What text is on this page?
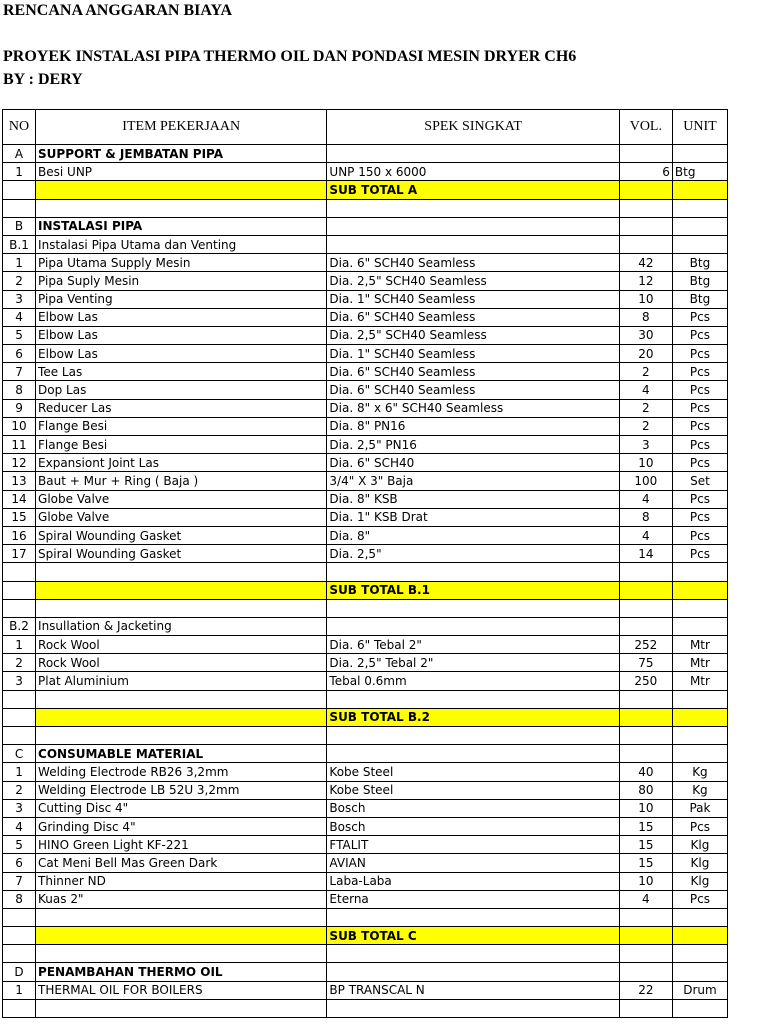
RENCANA ANGGARAN BIAYA
PROYEK INSTALASI PIPA THERMO OIL DAN PONDASI MESIN DRYER CH6
BY : DERY
NO	ITEM PEKERJAAN	SPEK SINGKAT	VOL.	UNIT
A	SUPPORT & JEMBATAN PIPA			
1	Besi UNP	UNP 150 x 6000	6	Btg
		SUB TOTAL A		

B	INSTALASI PIPA			
B.1	Instalasi Pipa Utama dan Venting			
1	Pipa Utama Supply Mesin	Dia. 6" SCH40 Seamless	42	Btg
2	Pipa Suply Mesin	Dia. 2,5" SCH40 Seamless	12	Btg
3	Pipa Venting	Dia. 1" SCH40 Seamless	10	Btg
4	Elbow Las	Dia. 6" SCH40 Seamless	8	Pcs
5	Elbow Las	Dia. 2,5" SCH40 Seamless	30	Pcs
6	Elbow Las	Dia. 1" SCH40 Seamless	20	Pcs
7	Tee Las	Dia. 6" SCH40 Seamless	2	Pcs
8	Dop Las	Dia. 6" SCH40 Seamless	4	Pcs
9	Reducer Las	Dia. 8" x 6" SCH40 Seamless	2	Pcs
10	Flange Besi	Dia. 8" PN16	2	Pcs
11	Flange Besi	Dia. 2,5" PN16	3	Pcs
12	Expansiont Joint Las	Dia. 6" SCH40	10	Pcs
13	Baut + Mur + Ring ( Baja )	3/4" X 3" Baja	100	Set
14	Globe Valve	Dia. 8" KSB	4	Pcs
15	Globe Valve	Dia. 1" KSB Drat	8	Pcs
16	Spiral Wounding Gasket	Dia. 8"	4	Pcs
17	Spiral Wounding Gasket	Dia. 2,5"	14	Pcs

		SUB TOTAL B.1		

B.2	Insullation & Jacketing			
1	Rock Wool	Dia. 6" Tebal 2"	252	Mtr
2	Rock Wool	Dia. 2,5" Tebal 2"	75	Mtr
3	Plat Aluminium	Tebal 0.6mm	250	Mtr

		SUB TOTAL B.2		

C	CONSUMABLE MATERIAL			
1	Welding Electrode RB26 3,2mm	Kobe Steel	40	Kg
2	Welding Electrode LB 52U 3,2mm	Kobe Steel	80	Kg
3	Cutting Disc 4"	Bosch	10	Pak
4	Grinding Disc 4"	Bosch	15	Pcs
5	HINO Green Light KF-221	FTALIT	15	Klg
6	Cat Meni Bell Mas Green Dark	AVIAN	15	Klg
7	Thinner ND	Laba-Laba	10	Klg
8	Kuas 2"	Eterna	4	Pcs

		SUB TOTAL C		

D	PENAMBAHAN THERMO OIL			
1	THERMAL OIL FOR BOILERS	BP TRANSCAL N	22	Drum
